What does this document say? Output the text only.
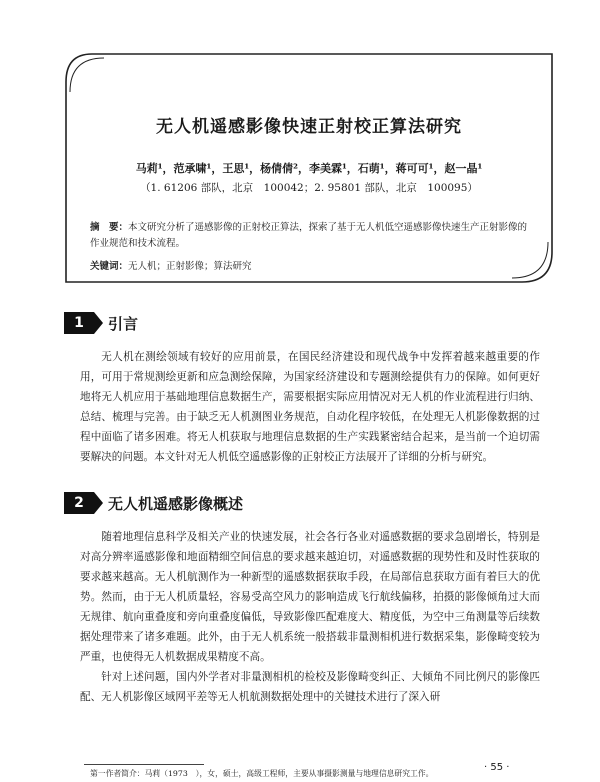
无人机遥感影像快速正射校正算法研究
马莉¹，范承啸¹，王思¹，杨倩倩²，李美霖¹，石萌¹，蒋可可¹，赵一晶¹
（1. 61206 部队，北京　100042；2. 95801 部队，北京　100095）
摘　要：本文研究分析了遥感影像的正射校正算法，探索了基于无人机低空遥感影像快速生产正射影像的作业规范和技术流程。
关键词：无人机；正射影像；算法研究
1	引言

无人机在测绘领域有较好的应用前景，在国民经济建设和现代战争中发挥着越来越重要的作用，可用于常规测绘更新和应急测绘保障，为国家经济建设和专题测绘提供有力的保障。如何更好地将无人机应用于基础地理信息数据生产，需要根据实际应用情况对无人机的作业流程进行归纳、总结、梳理与完善。由于缺乏无人机测图业务规范，自动化程序较低，在处理无人机影像数据的过程中面临了诸多困难。将无人机获取与地理信息数据的生产实践紧密结合起来，是当前一个迫切需要解决的问题。本文针对无人机低空遥感影像的正射校正方法展开了详细的分析与研究。

2	无人机遥感影像概述

随着地理信息科学及相关产业的快速发展，社会各行各业对遥感数据的要求急剧增长，特别是对高分辨率遥感影像和地面精细空间信息的要求越来越迫切，对遥感数据的现势性和及时性获取的要求越来越高。无人机航测作为一种新型的遥感数据获取手段，在局部信息获取方面有着巨大的优势。然而，由于无人机质量轻，容易受高空风力的影响造成飞行航线偏移，拍摄的影像倾角过大而无规律、航向重叠度和旁向重叠度偏低，导致影像匹配难度大、精度低，为空中三角测量等后续数据处理带来了诸多难题。此外，由于无人机系统一般搭载非量测相机进行数据采集，影像畸变较为严重，也使得无人机数据成果精度不高。

针对上述问题，国内外学者对非量测相机的检校及影像畸变纠正、大倾角不同比例尺的影像匹配、无人机影像区域网平差等无人机航测数据处理中的关键技术进行了深入研

第一作者简介：马莉（1973　），女，硕士，高级工程师，主要从事摄影测量与地理信息研究工作。
· 55 ·
